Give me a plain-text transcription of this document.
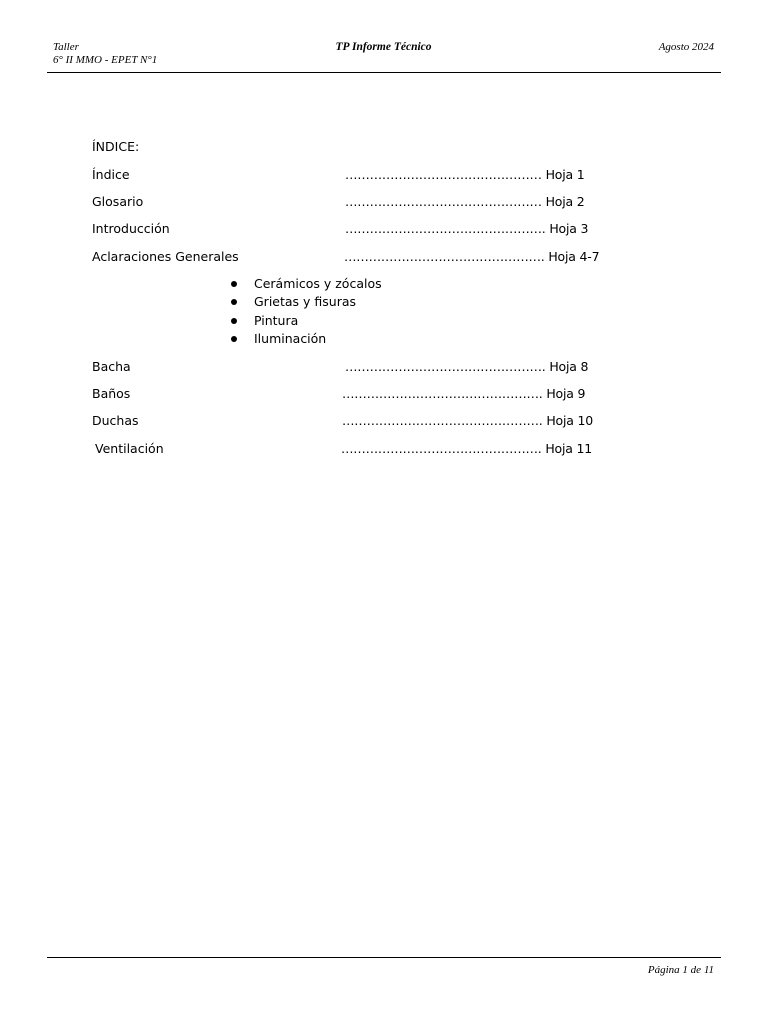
Taller
6° II MMO - EPET N°1
TP Informe Técnico	Agosto 2024
ÍNDICE:
Índice	………………………………………… Hoja 1
Glosario	………………………………………… Hoja 2
Introducción	…………………………………………. Hoja 3
Aclaraciones Generales	…………………………………………. Hoja 4-7
Cerámicos y zócalos
Grietas y fisuras
Pintura
Iluminación
Bacha	…………………………………………. Hoja 8
Baños	…………………………………………. Hoja 9
Duchas	…………………………………………. Hoja 10
Ventilación	…………………………………………. Hoja 11
Página 1 de 11
